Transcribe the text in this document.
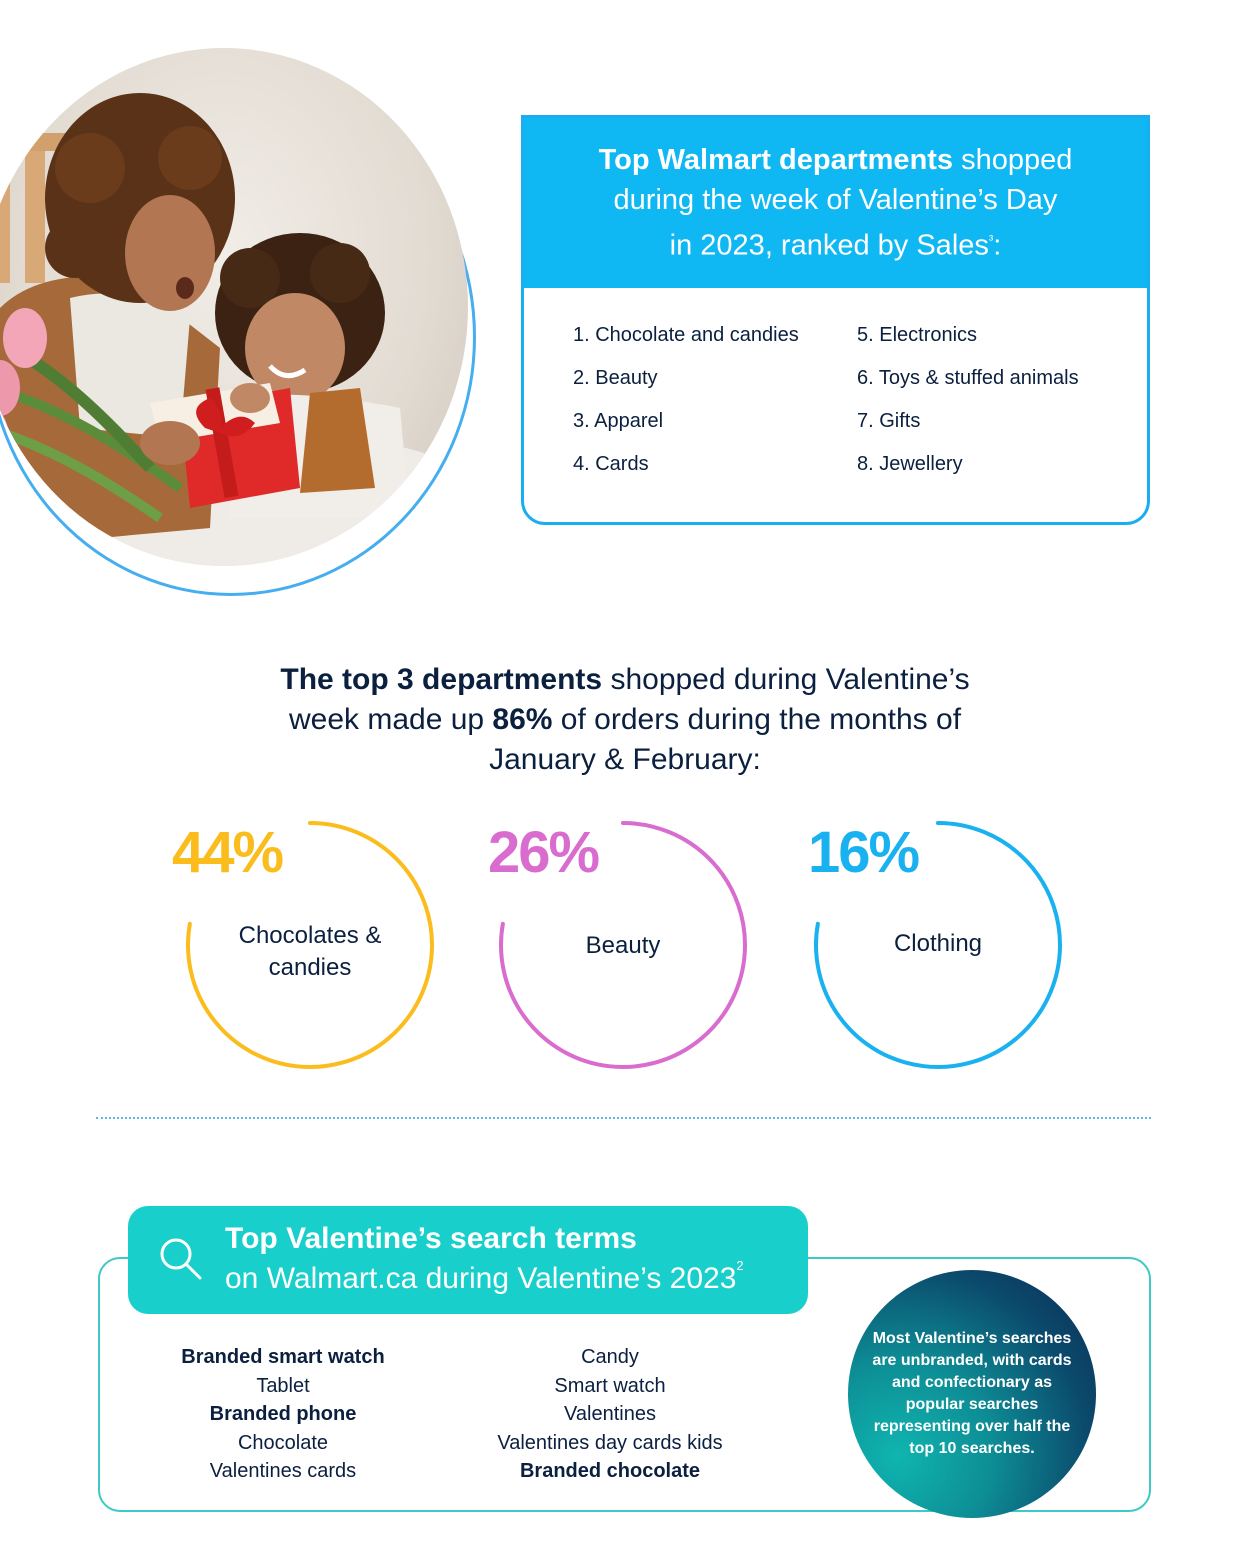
Top Walmart departments shopped
during the week of Valentine’s Day
in 2023, ranked by Sales$^{^3}$:
1. Chocolate and candies
2. Beauty
3. Apparel
4. Cards
5. Electronics
6. Toys & stuffed animals
7. Gifts
8. Jewellery
The top 3 departments shopped during Valentine’s
week made up 86% of orders during the months of
January & February:
44%
Chocolates &
candies
26%
Beauty
16%
Clothing
Top Valentine’s search terms
on Walmart.ca during Valentine’s 2023$^2$
Branded smart watch
Tablet
Branded phone
Chocolate
Valentines cards
Candy
Smart watch
Valentines
Valentines day cards kids
Branded chocolate
Most Valentine’s searches are unbranded, with cards and confectionary as popular searches representing over half the top 10 searches.
